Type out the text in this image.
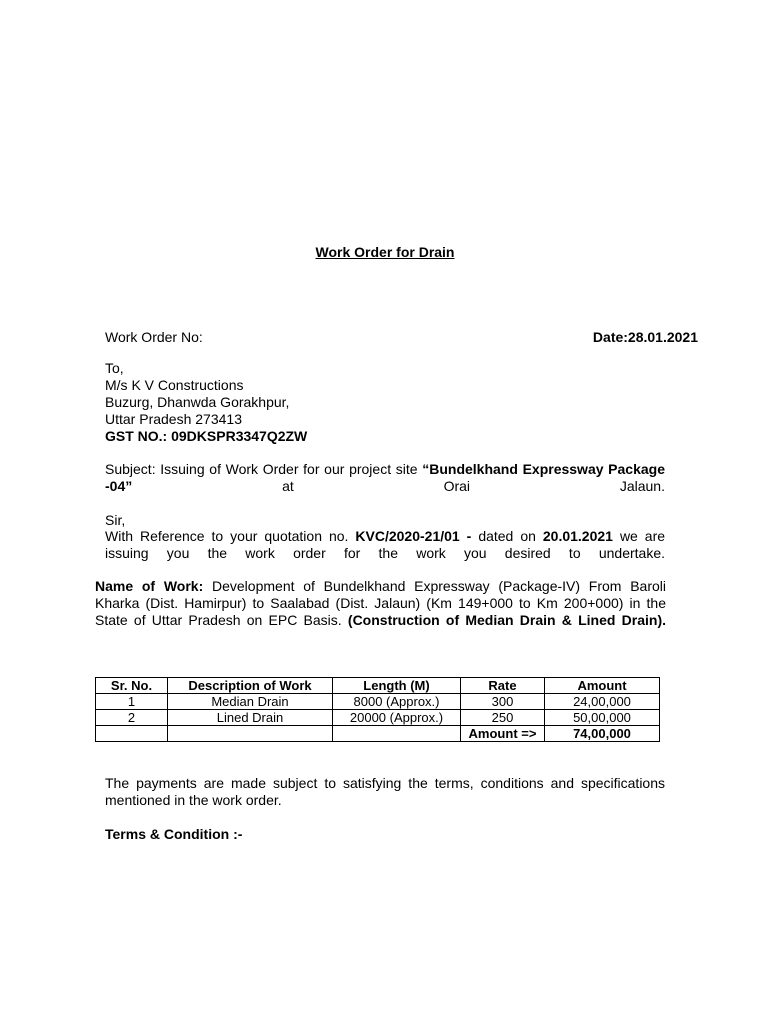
Work Order for Drain
Work Order No:	Date:28.01.2021
To,
M/s K V Constructions
Buzurg, Dhanwda Gorakhpur,
Uttar Pradesh 273413
GST NO.: 09DKSPR3347Q2ZW
Subject: Issuing of Work Order for our project site “Bundelkhand Expressway Package -04”	at Orai Jalaun.
Sir,
With Reference to your quotation no. KVC/2020-21/01 - dated on 20.01.2021 we are issuing you the work order for the work you desired to undertake.
Name of Work: Development of Bundelkhand Expressway (Package-IV) From Baroli Kharka (Dist. Hamirpur) to Saalabad (Dist. Jalaun) (Km 149+000 to Km 200+000) in the State of Uttar Pradesh on EPC Basis. (Construction of Median Drain & Lined Drain).
Sr. No.	Description of Work	Length (M)	Rate	Amount
1	Median Drain	8000 (Approx.)	300	24,00,000
2	Lined Drain	20000 (Approx.)	250	50,00,000
			Amount =>	74,00,000
The payments are made subject to satisfying the terms, conditions and specifications mentioned in the work order.
Terms & Condition :-
